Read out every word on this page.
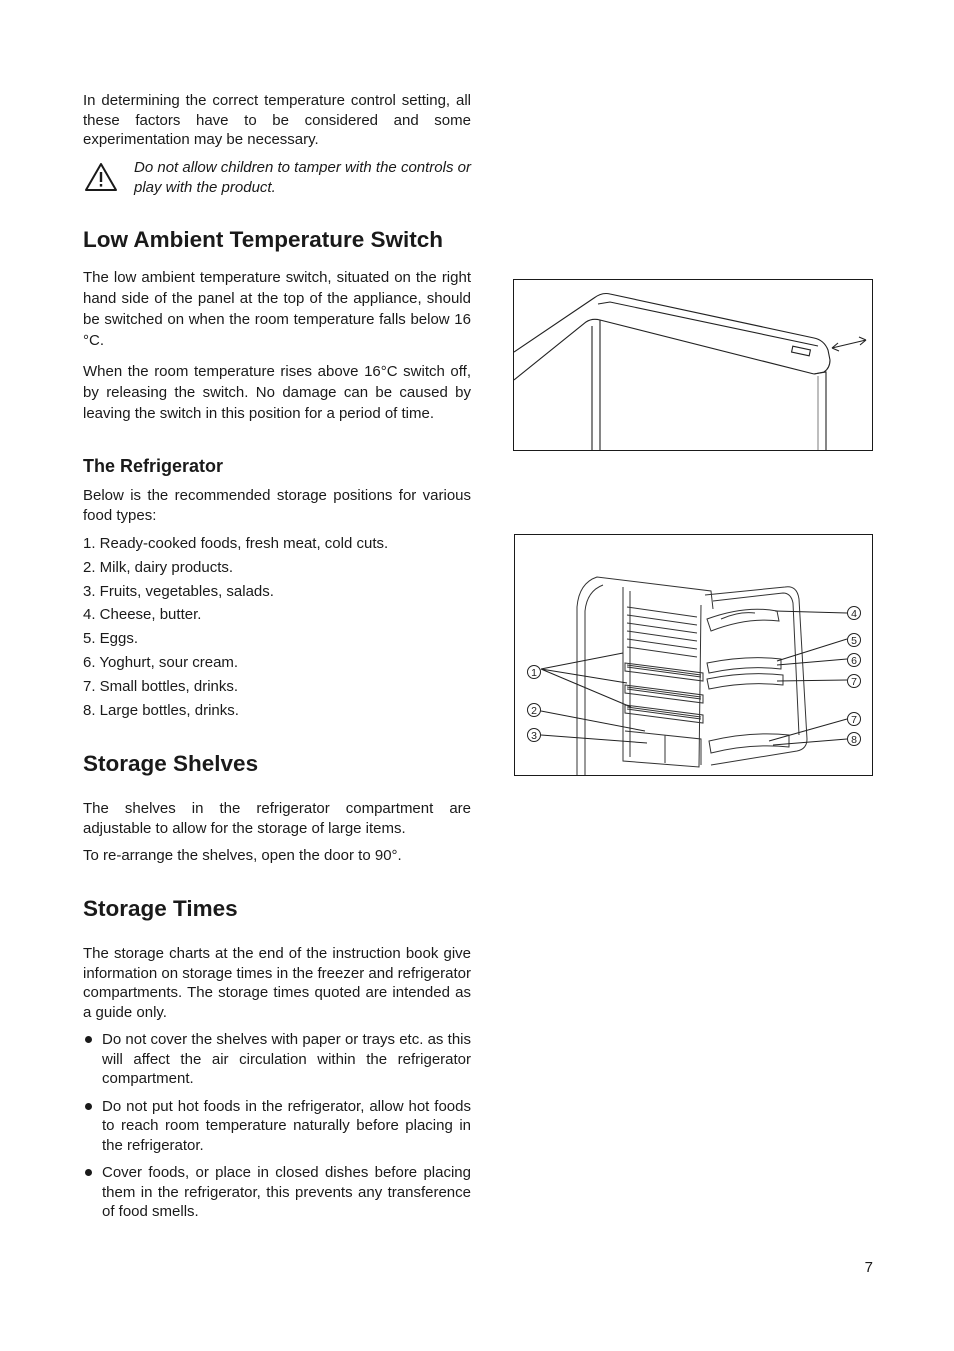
In determining the correct temperature control setting, all these factors have to be considered and some experimentation may be necessary.

Do not allow children to tamper with the controls or play with the product.

Low Ambient Temperature Switch

The low ambient temperature switch, situated on the right hand side of the panel at the top of the appliance, should be switched on when the room temperature falls below 16 °C.

When the room temperature rises above 16°C switch off, by releasing the switch. No damage can be caused by leaving the switch in this position for a period of time.

The Refrigerator

Below is the recommended storage positions for various food types:

1. Ready-cooked foods, fresh meat, cold cuts.
2. Milk, dairy products.
3. Fruits, vegetables, salads.
4. Cheese, butter.
5. Eggs.
6. Yoghurt, sour cream.
7. Small bottles, drinks.
8. Large bottles, drinks.
Storage Shelves

The shelves in the refrigerator compartment are adjustable to allow for the storage of large items.

To re-arrange the shelves, open the door to 90°.

Storage Times

The storage charts at the end of the instruction book give information on storage times in the freezer and refrigerator compartments. The storage times quoted are intended as a guide only.

Do not cover the shelves with paper or trays etc. as this will affect the air circulation within the refrigerator compartment.
Do not put hot foods in the refrigerator, allow hot foods to reach room temperature naturally before placing in the refrigerator.
Cover foods, or place in closed dishes before placing them in the refrigerator, this prevents any transference of food smells.
1
2
3
4
5
6
7
7
8
7
